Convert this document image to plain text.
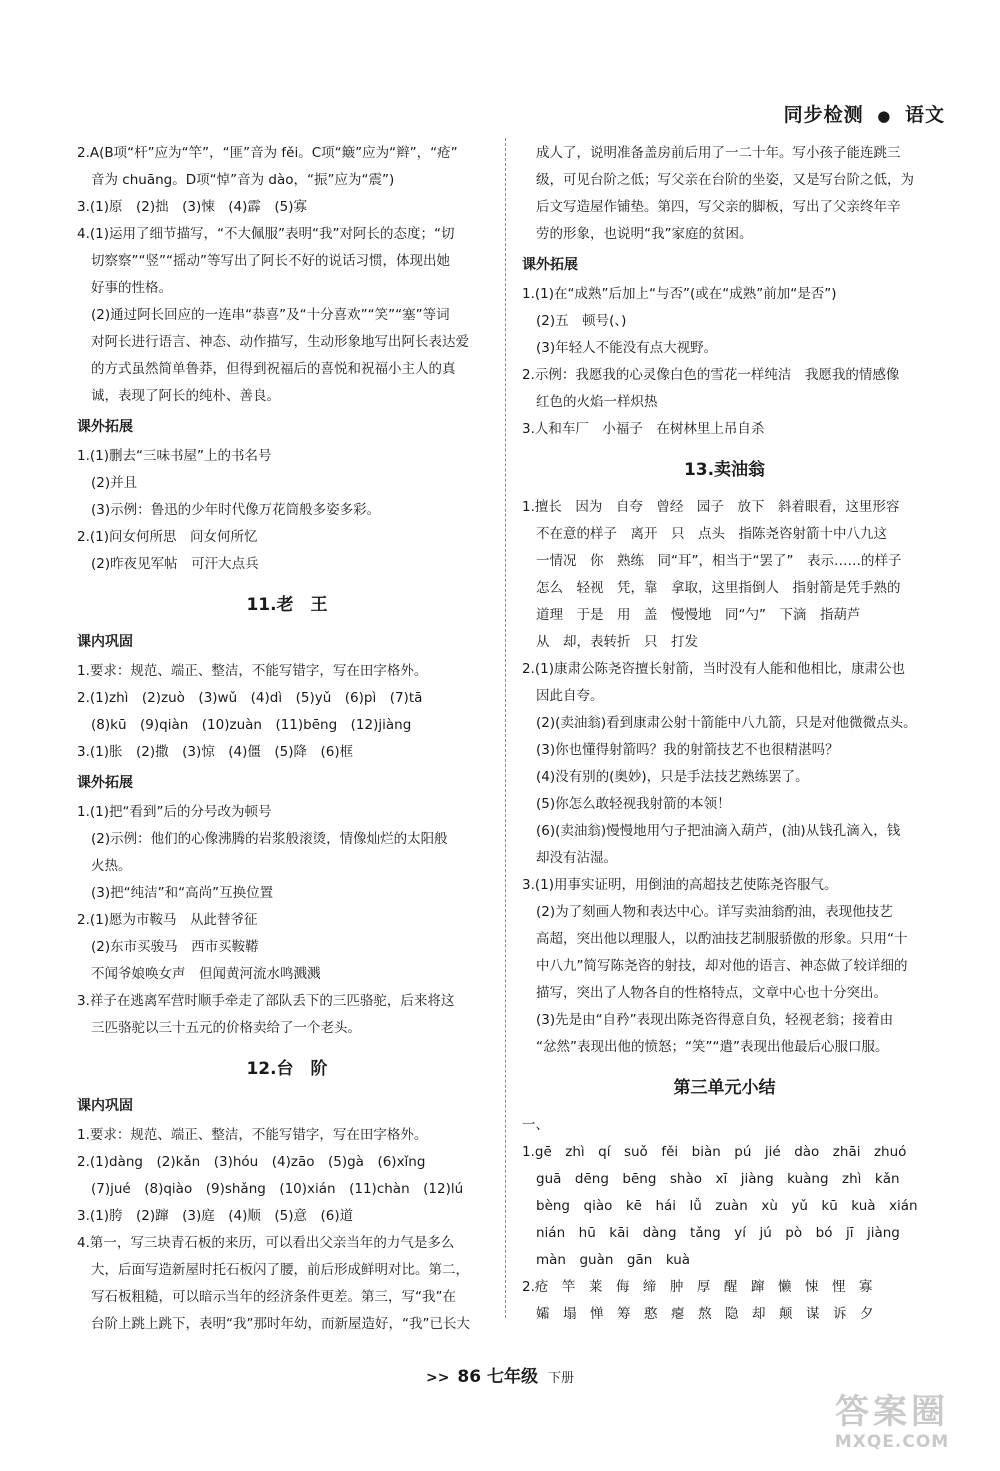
同步检测 ● 语文
2.A(B项“杆”应为“竿”，“匪”音为 fěi。C项“簸”应为“辫”，“疮”
音为 chuāng。D项“悼”音为 dào，“振”应为“震”)
3.(1)原　(2)拙　(3)悚　(4)霹　(5)寡
4.(1)运用了细节描写，“不大佩服”表明“我”对阿长的态度；“切
切察察”“竖”“摇动”等写出了阿长不好的说话习惯，体现出她
好事的性格。
(2)通过阿长回应的一连串“恭喜”及“十分喜欢”“笑”“塞”等词
对阿长进行语言、神态、动作描写，生动形象地写出阿长表达爱
的方式虽然简单鲁莽，但得到祝福后的喜悦和祝福小主人的真
诚，表现了阿长的纯朴、善良。
课外拓展
1.(1)删去“三味书屋”上的书名号
(2)并且
(3)示例：鲁迅的少年时代像万花筒般多姿多彩。
2.(1)问女何所思　问女何所忆
(2)昨夜见军帖　可汗大点兵
11.老　王
课内巩固
1.要求：规范、端正、整洁，不能写错字，写在田字格外。
2.(1)zhì　(2)zuò　(3)wǔ　(4)dì　(5)yǔ　(6)pì　(7)tā
(8)kū　(9)qiàn　(10)zuàn　(11)bēng　(12)jiàng
3.(1)胀　(2)撒　(3)惊　(4)僵　(5)降　(6)框
课外拓展
1.(1)把“看到”后的分号改为顿号
(2)示例：他们的心像沸腾的岩浆般滚烫，情像灿烂的太阳般
火热。
(3)把“纯洁”和“高尚”互换位置
2.(1)愿为市鞍马　从此替爷征
(2)东市买骏马　西市买鞍鞯
不闻爷娘唤女声　但闻黄河流水鸣溅溅
3.祥子在逃离军营时顺手牵走了部队丢下的三匹骆驼，后来将这
三匹骆驼以三十五元的价格卖给了一个老头。
12.台　阶
课内巩固
1.要求：规范、端正、整洁，不能写错字，写在田字格外。
2.(1)dàng　(2)kǎn　(3)hóu　(4)zāo　(5)gà　(6)xǐng
(7)jué　(8)qiào　(9)shǎng　(10)xián　(11)chàn　(12)lú
3.(1)胯　(2)蹿　(3)庭　(4)顺　(5)意　(6)道
4.第一，写三块青石板的来历，可以看出父亲当年的力气是多么
大，后面写造新屋时托石板闪了腰，前后形成鲜明对比。第二，
写石板粗糙，可以暗示当年的经济条件更差。第三，写“我”在
台阶上跳上跳下，表明“我”那时年幼，而新屋造好，“我”已长大
成人了，说明准备盖房前后用了一二十年。写小孩子能连跳三
级，可见台阶之低；写父亲在台阶的坐姿，又是写台阶之低，为
后文写造屋作铺垫。第四，写父亲的脚板，写出了父亲终年辛
劳的形象，也说明“我”家庭的贫困。
课外拓展
1.(1)在“成熟”后加上“与否”(或在“成熟”前加“是否”)
(2)五　顿号(、)
(3)年轻人不能没有点大视野。
2.示例：我愿我的心灵像白色的雪花一样纯洁　我愿我的情感像
红色的火焰一样炽热
3.人和车厂　小福子　在树林里上吊自杀
13.卖油翁
1.擅长　因为　自夸　曾经　园子　放下　斜着眼看，这里形容
不在意的样子　离开　只　点头　指陈尧咨射箭十中八九这
一情况　你　熟练　同“耳”，相当于“罢了”　表示……的样子
怎么　轻视　凭，靠　拿取，这里指倒人　指射箭是凭手熟的
道理　于是　用　盖　慢慢地　同“勺”　下滴　指葫芦
从　却，表转折　只　打发
2.(1)康肃公陈尧咨擅长射箭，当时没有人能和他相比，康肃公也
因此自夸。
(2)(卖油翁)看到康肃公射十箭能中八九箭，只是对他微微点头。
(3)你也懂得射箭吗？我的射箭技艺不也很精湛吗？
(4)没有别的(奥妙)，只是手法技艺熟练罢了。
(5)你怎么敢轻视我射箭的本领！
(6)(卖油翁)慢慢地用勺子把油滴入葫芦，(油)从钱孔滴入，钱
却没有沾湿。
3.(1)用事实证明，用倒油的高超技艺使陈尧咨服气。
(2)为了刻画人物和表达中心。详写卖油翁酌油，表现他技艺
高超，突出他以理服人，以酌油技艺制服骄傲的形象。只用“十
中八九”简写陈尧咨的射技，却对他的语言、神态做了较详细的
描写，突出了人物各自的性格特点，文章中心也十分突出。
(3)先是由“自矜”表现出陈尧咨得意自负，轻视老翁；接着由
“忿然”表现出他的愤怒；“笑”“遣”表现出他最后心服口服。
第三单元小结
一、
1.gē　zhì　qí　suǒ　fěi　biàn　pú　jié　dào　zhāi　zhuó
guā　dēng　bēng　shào　xī　jiàng　kuàng　zhì　kǎn
bèng　qiào　kē　hái　lǚ　zuàn　xù　yǔ　kū　kuà　xián
nián　hū　kāi　dàng　tǎng　yí　jú　pò　bó　jī　jiàng
màn　guàn　gān　kuà
2.疮　竿　莱　侮　缔　肿　厚　醒　蹿　懒　悚　悝　寡
孀　塌　惮　筹　憨　瘪　熬　隐　却　颠　谋　诉　夕
>> 86 七年级 下册
答案圈
MXQE.COM
